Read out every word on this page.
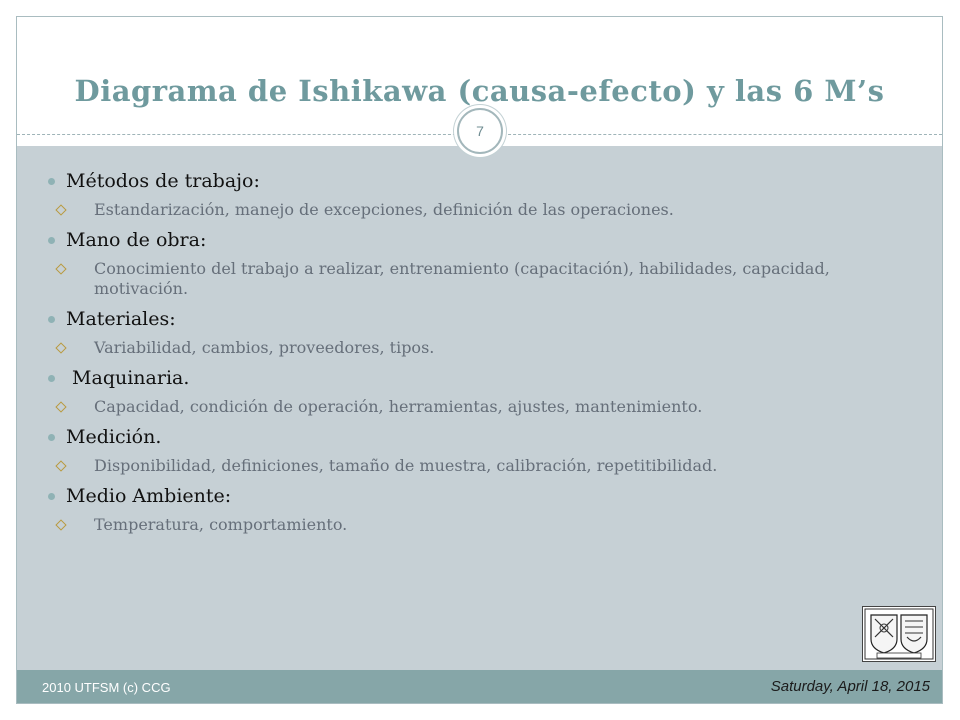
Diagrama de Ishikawa (causa-efecto) y las 6 M’s
7
Métodos de trabajo:
Estandarización, manejo de excepciones, definición de las operaciones.
Mano de obra:
Conocimiento del trabajo a realizar, entrenamiento (capacitación), habilidades, capacidad, motivación.
Materiales:
Variabilidad, cambios, proveedores, tipos.
Maquinaria.
Capacidad, condición de operación, herramientas, ajustes, mantenimiento.
Medición.
Disponibilidad, definiciones, tamaño de muestra, calibración, repetitibilidad.
Medio Ambiente:
Temperatura, comportamiento.
2010 UTFSM (c) CCG	Saturday, April 18, 2015
